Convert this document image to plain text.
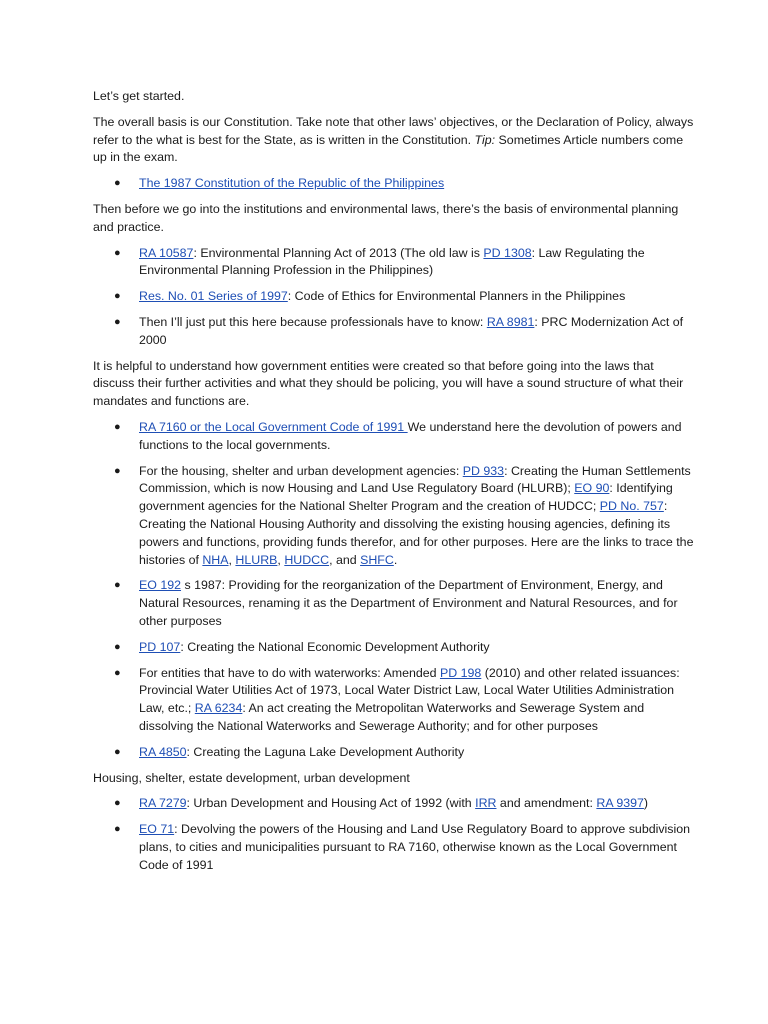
Let’s get started.

The overall basis is our Constitution. Take note that other laws’ objectives, or the Declaration of Policy, always refer to the what is best for the State, as is written in the Constitution. Tip: Sometimes Article numbers come up in the exam.

● The 1987 Constitution of the Republic of the Philippines

Then before we go into the institutions and environmental laws, there’s the basis of environmental planning and practice.

● RA 10587: Environmental Planning Act of 2013 (The old law is PD 1308: Law Regulating the Environmental Planning Profession in the Philippines)
● Res. No. 01 Series of 1997: Code of Ethics for Environmental Planners in the Philippines
● Then I’ll just put this here because professionals have to know: RA 8981: PRC Modernization Act of 2000

It is helpful to understand how government entities were created so that before going into the laws that discuss their further activities and what they should be policing, you will have a sound structure of what their mandates and functions are.

● RA 7160 or the Local Government Code of 1991 We understand here the devolution of powers and functions to the local governments.
● For the housing, shelter and urban development agencies: PD 933: Creating the Human Settlements Commission, which is now Housing and Land Use Regulatory Board (HLURB); EO 90: Identifying government agencies for the National Shelter Program and the creation of HUDCC; PD No. 757: Creating the National Housing Authority and dissolving the existing housing agencies, defining its powers and functions, providing funds therefor, and for other purposes. Here are the links to trace the histories of NHA, HLURB, HUDCC, and SHFC.
● EO 192 s 1987: Providing for the reorganization of the Department of Environment, Energy, and Natural Resources, renaming it as the Department of Environment and Natural Resources, and for other purposes
● PD 107: Creating the National Economic Development Authority
● For entities that have to do with waterworks: Amended PD 198 (2010) and other related issuances: Provincial Water Utilities Act of 1973, Local Water District Law, Local Water Utilities Administration Law, etc.; RA 6234: An act creating the Metropolitan Waterworks and Sewerage System and dissolving the National Waterworks and Sewerage Authority; and for other purposes
● RA 4850: Creating the Laguna Lake Development Authority

Housing, shelter, estate development, urban development

● RA 7279: Urban Development and Housing Act of 1992 (with IRR and amendment: RA 9397)
● EO 71: Devolving the powers of the Housing and Land Use Regulatory Board to approve subdivision plans, to cities and municipalities pursuant to RA 7160, otherwise known as the Local Government Code of 1991
